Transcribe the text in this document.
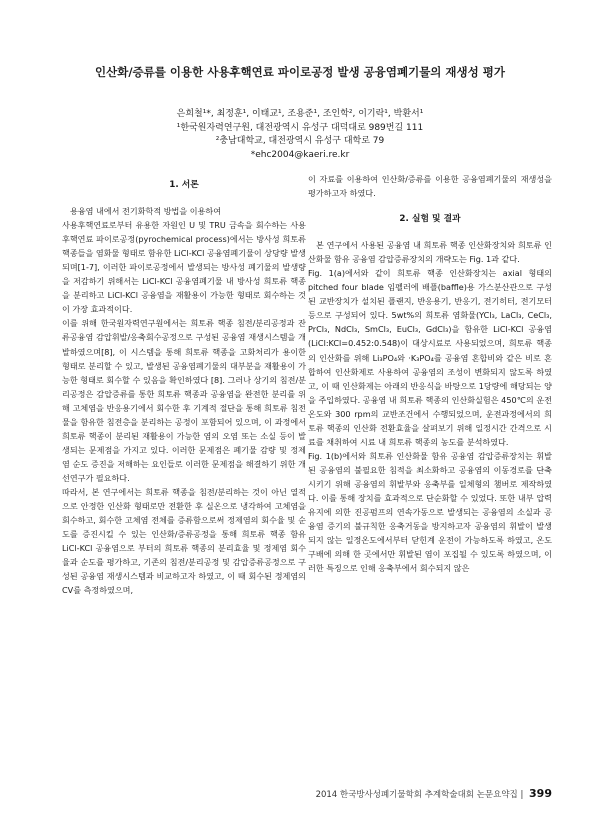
인산화/증류를 이용한 사용후핵연료 파이로공정 발생 공융염폐기물의 재생성 평가
은희철¹*, 최정훈¹, 이태교¹, 조용준¹, 조인학², 이기락¹, 박환서¹
¹한국원자력연구원, 대전광역시 유성구 대덕대로 989번길 111
²충남대학교, 대전광역시 유성구 대학로 79
*ehc2004@kaeri.re.kr
1. 서론

용융염 내에서 전기화학적 방법을 이용하여

사용후핵연료로부터 유용한 자원인 U 및 TRU 금속을 회수하는 사용후핵연료 파이로공정(pyrochemical process)에서는 방사성 희토류 핵종들을 염화물 형태로 함유한 LiCl-KCl 공융염폐기물이 상당량 발생되며[1-7], 이러한 파이로공정에서 발생되는 방사성 폐기물의 발생량을 저감하기 위해서는 LiCl-KCl 공융염폐기물 내 방사성 희토류 핵종을 분리하고 LiCl-KCl 공융염을 재활용이 가능한 형태로 회수하는 것이 가장 효과적이다.

이를 위해 한국원자력연구원에서는 희토류 핵종 침전/분리공정과 잔류공융염 감압휘발/응축회수공정으로 구성된 공융염 재생시스템을 개발하였으며[8], 이 시스템을 통해 희토류 핵종을 고화처리가 용이한 형태로 분리할 수 있고, 발생된 공융염폐기물의 대부분을 재활용이 가능한 형태로 회수할 수 있음을 확인하였다 [8]. 그러나 상기의 침전/분리공정은 감압증류를 통한 희토류 핵종과 공융염을 완전한 분리를 위해 고체염을 반응용기에서 회수한 후 기계적 절단을 통해 희토류 침전물을 함유한 침전층을 분리하는 공정이 포함되어 있으며, 이 과정에서 희토류 핵종이 분리된 재활용이 가능한 염의 오염 또는 소실 등이 발생되는 문제점을 가지고 있다. 이러한 문제점은 폐기물 감량 및 정제염 순도 증진을 저해하는 요인들로 이러한 문제점을 해결하기 위한 개선연구가 필요하다.

따라서, 본 연구에서는 희토류 핵종을 침전/분리하는 것이 아닌 열적으로 안정한 인산화 형태로만 전환한 후 실온으로 냉각하여 고체염을 회수하고, 회수한 고체염 전체를 증류함으로써 정제염의 회수율 및 순도를 증진시킬 수 있는 인산화/증류공정을 통해 희토류 핵종 함유 LiCl-KCl 공융염으로 부터의 희토류 핵종의 분리효율 및 정제염 회수율과 순도를 평가하고, 기존의 침전/분리공정 및 감압증류공정으로 구성된 공융염 재생시스템과 비교하고자 하였고, 이 때 회수된 정제염의 CV를 측정하였으며,

이 자료를 이용하여 인산화/증류를 이용한 공융염폐기물의 재생성을 평가하고자 하였다.

2. 실험 및 결과

본 연구에서 사용된 공융염 내 희토류 핵종 인산화장치와 희토류 인산화물 함유 공융염 감압증류장치의 개략도는 Fig. 1과 같다.

Fig. 1(a)에서와 같이 희토류 핵종 인산화장치는 axial 형태의 pitched four blade 임펠러에 배플(baffle)용 가스분산관으로 구성된 교반장치가 설치된 플랜지, 반응용기, 반응기, 전기히터, 전기모터 등으로 구성되어 있다. 5wt%의 희토류 염화물(YCl₃, LaCl₃, CeCl₃, PrCl₃, NdCl₃, SmCl₃, EuCl₃, GdCl₃)을 함유한 LiCl-KCl 공융염(LiCl:KCl=0.452:0.548)이 대상시료로 사용되었으며, 희토류 핵종의 인산화를 위해 Li₃PO₄와 ·K₃PO₄를 공융염 혼합비와 같은 비로 혼합하여 인산화제로 사용하여 공융염의 조성이 변화되지 않도록 하였고, 이 때 인산화제는 아래의 반응식을 바탕으로 1당량에 해당되는 양을 주입하였다. 공융염 내 희토류 핵종의 인산화실험은 450℃의 운전온도와 300 rpm의 교반조건에서 수행되었으며, 운전과정에서의 희토류 핵종의 인산화 전환효율을 살펴보기 위해 일정시간 간격으로 시료를 채취하여 시료 내 희토류 핵종의 농도를 분석하였다.

Fig. 1(b)에서와 희토류 인산화물 함유 공융염 감압증류장치는 휘발된 공융염의 불필요한 침적을 최소화하고 공융염의 이동경로를 단축시키기 위해 공융염의 휘발부와 응축부를 일체형의 챔버로 제작하였다. 이를 통해 장치를 효과적으로 단순화할 수 있었다. 또한 내부 압력 유지에 의한 진공펌프의 연속가동으로 발생되는 공융염의 소실과 공융염 증기의 불규칙한 응축거동을 방지하고자 공융염의 휘발이 발생되지 않는 일정온도에서부터 닫힌계 운전이 가능하도록 하였고, 온도구배에 의해 한 곳에서만 휘발된 염이 포집될 수 있도록 하였으며, 이러한 특징으로 인해 응축부에서 회수되지 않은

2014 한국방사성폐기물학회 추계학술대회 논문요약집 | 399
